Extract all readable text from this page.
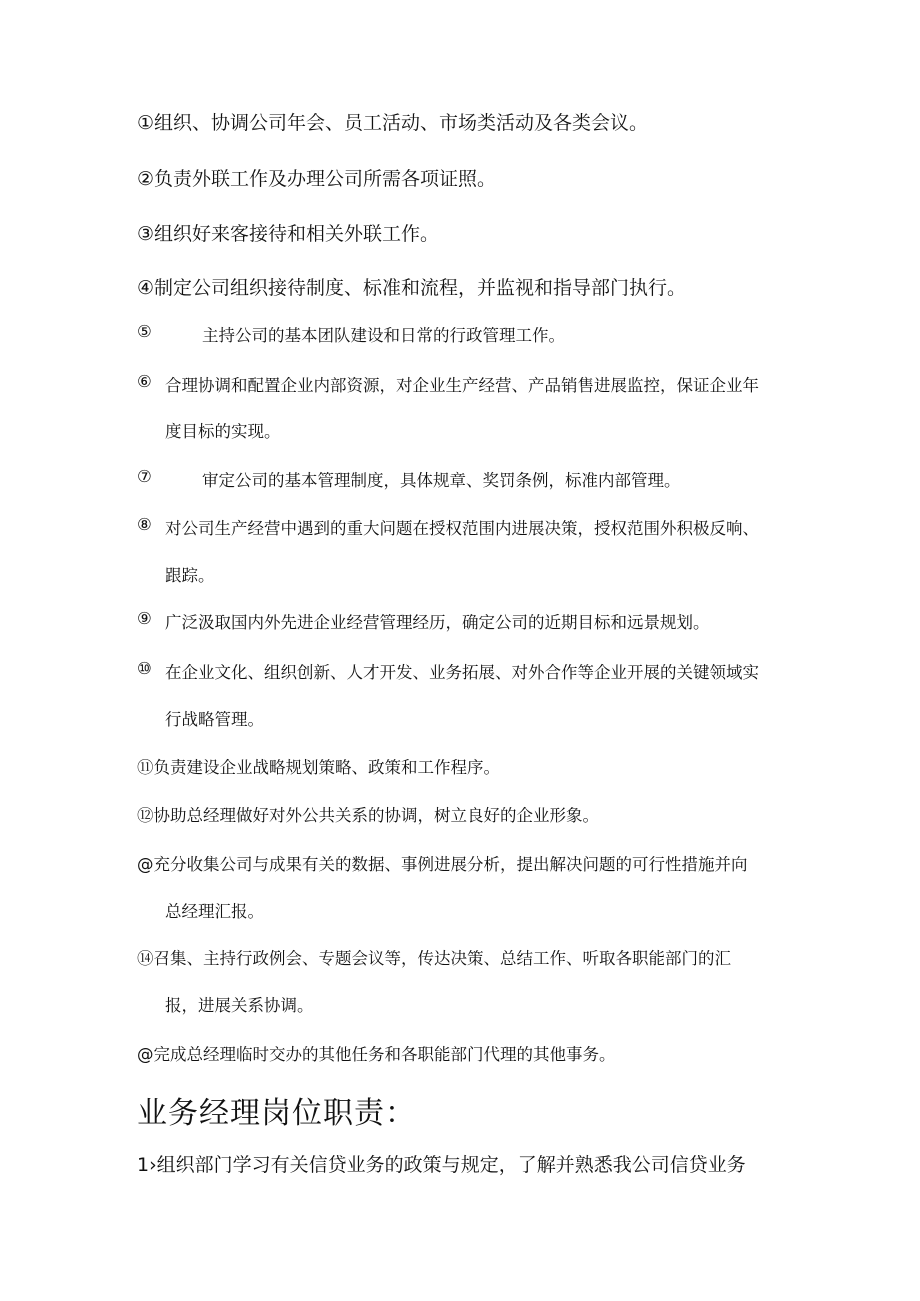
①组织、协调公司年会、员工活动、市场类活动及各类会议。
②负责外联工作及办理公司所需各项证照。
③组织好来客接待和相关外联工作。
④制定公司组织接待制度、标准和流程，并监视和指导部门执行。
⑤	主持公司的基本团队建设和日常的行政管理工作。
⑥ 合理协调和配置企业内部资源，对企业生产经营、产品销售进展监控，保证企业年
度目标的实现。
⑦	审定公司的基本管理制度，具体规章、奖罚条例，标准内部管理。
⑧ 对公司生产经营中遇到的重大问题在授权范围内进展决策，授权范围外积极反响、
跟踪。
⑨ 广泛汲取国内外先进企业经营管理经历，确定公司的近期目标和远景规划。
⑩ 在企业文化、组织创新、人才开发、业务拓展、对外合作等企业开展的关键领域实
行战略管理。
⑪负责建设企业战略规划策略、政策和工作程序。
⑫协助总经理做好对外公共关系的协调，树立良好的企业形象。
@充分收集公司与成果有关的数据、事例进展分析，提出解决问题的可行性措施并向
总经理汇报。
⑭召集、主持行政例会、专题会议等，传达决策、总结工作、听取各职能部门的汇
报，进展关系协调。
@完成总经理临时交办的其他任务和各职能部门代理的其他事务。
业务经理岗位职责：
1›组织部门学习有关信贷业务的政策与规定，了解并熟悉我公司信贷业务
